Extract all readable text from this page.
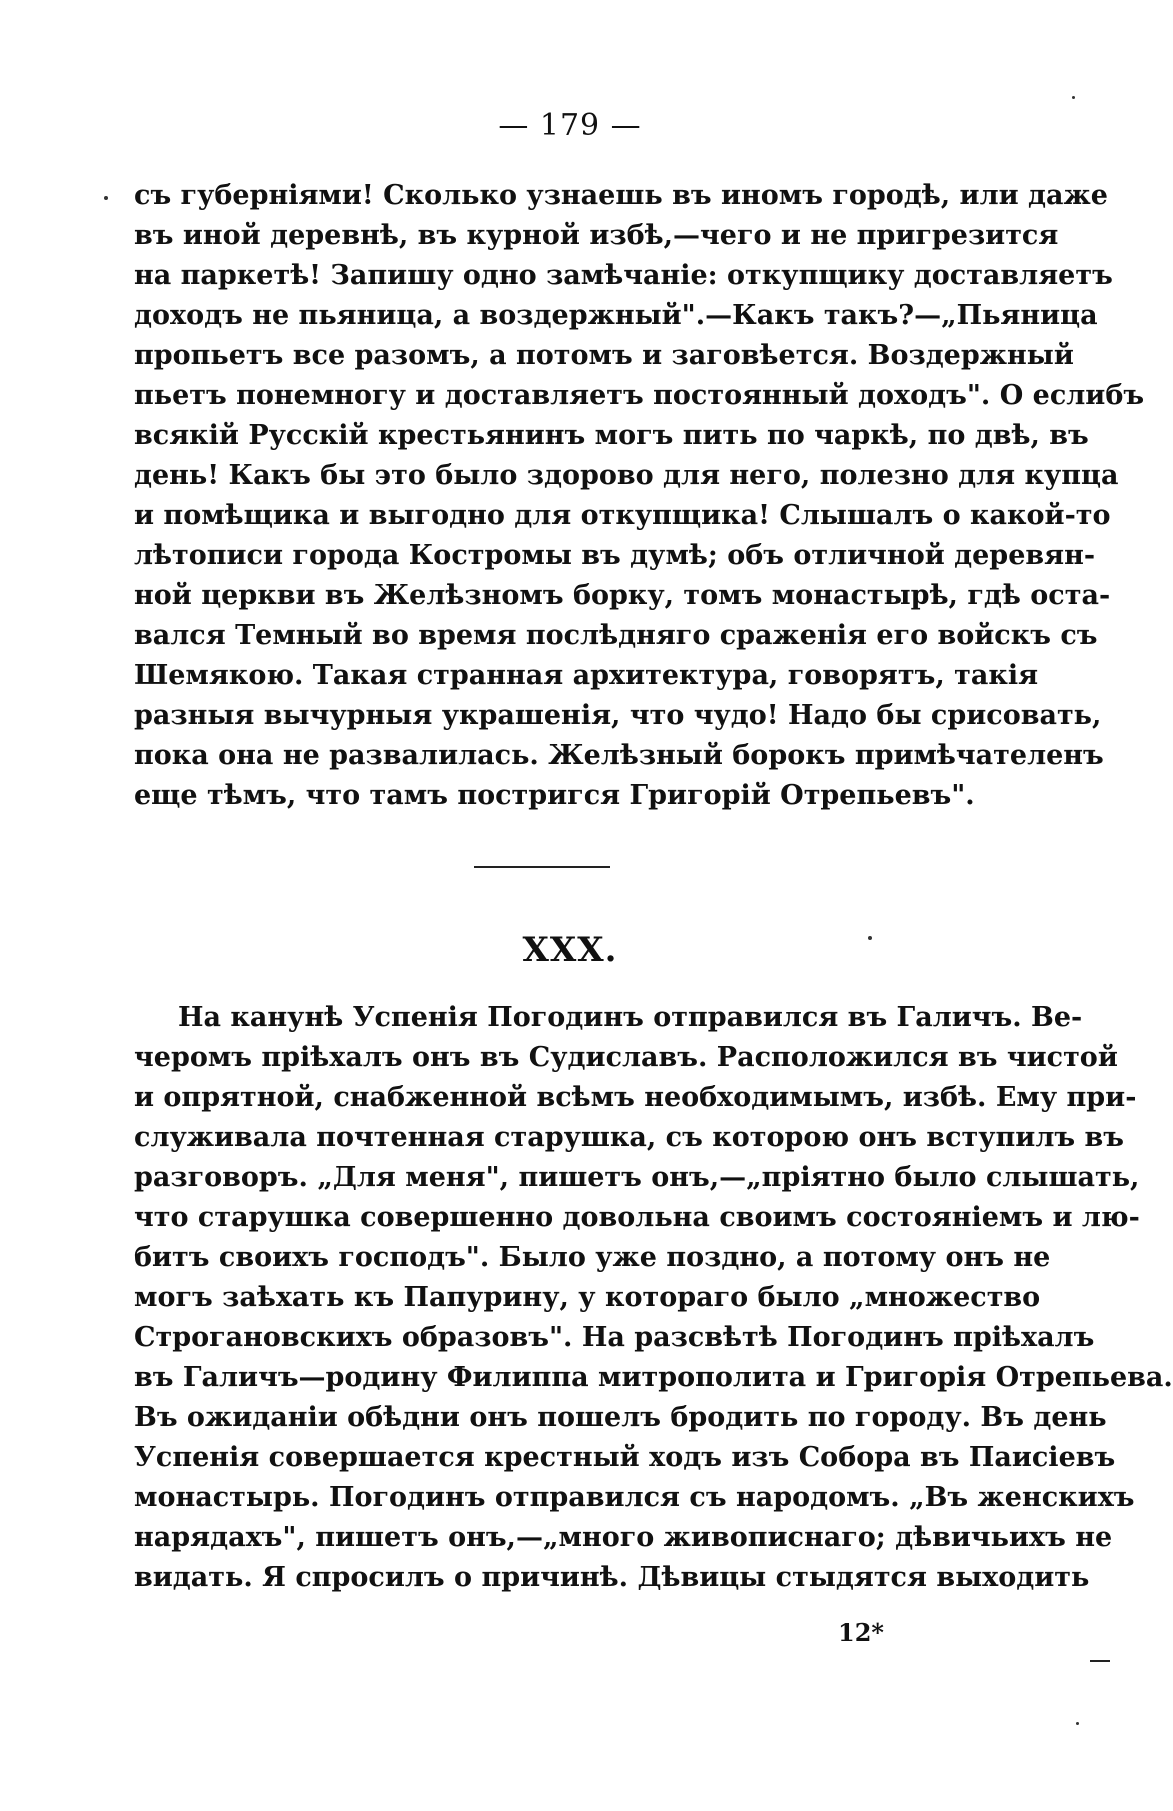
— 179 —
съ губерніями! Сколько узнаешь въ иномъ городѣ, или даже
въ иной деревнѣ, въ курной избѣ,—чего и не пригрезится
на паркетѣ! Запишу одно замѣчаніе: откупщику доставляетъ
доходъ не пьяница, а воздержный".—Какъ такъ?—„Пьяница
пропьетъ все разомъ, а потомъ и заговѣется. Воздержный
пьетъ понемногу и доставляетъ постоянный доходъ". О еслибъ
всякій Русскій крестьянинъ могъ пить по чаркѣ, по двѣ, въ
день! Какъ бы это было здорово для него, полезно для купца
и помѣщика и выгодно для откупщика! Слышалъ о какой-то
лѣтописи города Костромы въ думѣ; объ отличной деревян-
ной церкви въ Желѣзномъ борку, томъ монастырѣ, гдѣ оста-
вался Темный во время послѣдняго сраженія его войскъ съ
Шемякою. Такая странная архитектура, говорятъ, такія
разныя вычурныя украшенія, что чудо! Надо бы срисовать,
пока она не развалилась. Желѣзный борокъ примѣчателенъ
еще тѣмъ, что тамъ постригся Григорій Отрепьевъ".
XXX.
На канунѣ Успенія Погодинъ отправился въ Галичъ. Ве-
черомъ пріѣхалъ онъ въ Судиславъ. Расположился въ чистой
и опрятной, снабженной всѣмъ необходимымъ, избѣ. Ему при-
служивала почтенная старушка, съ которою онъ вступилъ въ
разговоръ. „Для меня", пишетъ онъ,—„пріятно было слышать,
что старушка совершенно довольна своимъ состояніемъ и лю-
битъ своихъ господъ". Было уже поздно, а потому онъ не
могъ заѣхать къ Папурину, у котораго было „множество
Строгановскихъ образовъ". На разсвѣтѣ Погодинъ пріѣхалъ
въ Галичъ—родину Филиппа митрополита и Григорія Отрепьева.
Въ ожиданіи обѣдни онъ пошелъ бродить по городу. Въ день
Успенія совершается крестный ходъ изъ Собора въ Паисіевъ
монастырь. Погодинъ отправился съ народомъ. „Въ женскихъ
нарядахъ", пишетъ онъ,—„много живописнаго; дѣвичьихъ не
видать. Я спросилъ о причинѣ. Дѣвицы стыдятся выходить
12*
